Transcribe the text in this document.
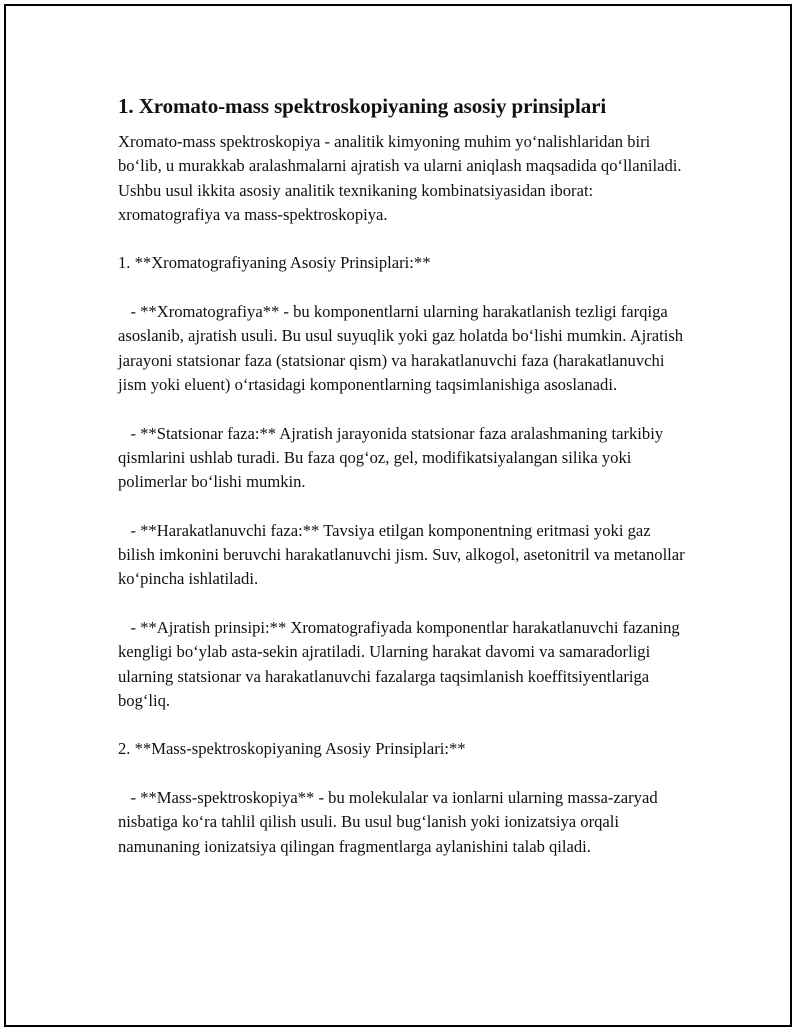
1. Xromato-mass spektroskopiyaning asosiy prinsiplari

Xromato-mass spektroskopiya - analitik kimyoning muhim yo‘nalishlaridan biri bo‘lib, u murakkab aralashmalarni ajratish va ularni aniqlash maqsadida qo‘llaniladi. Ushbu usul ikkita asosiy analitik texnikaning kombinatsiyasidan iborat: xromatografiya va mass-spektroskopiya.

1. **Xromatografiyaning Asosiy Prinsiplari:**

- **Xromatografiya** - bu komponentlarni ularning harakatlanish tezligi farqiga asoslanib, ajratish usuli. Bu usul suyuqlik yoki gaz holatda bo‘lishi mumkin. Ajratish jarayoni statsionar faza (statsionar qism) va harakatlanuvchi faza (harakatlanuvchi jism yoki eluent) o‘rtasidagi komponentlarning taqsimlanishiga asoslanadi.

- **Statsionar faza:** Ajratish jarayonida statsionar faza aralashmaning tarkibiy qismlarini ushlab turadi. Bu faza qog‘oz, gel, modifikatsiyalangan silika yoki polimerlar bo‘lishi mumkin.

- **Harakatlanuvchi faza:** Tavsiya etilgan komponentning eritmasi yoki gaz bilish imkonini beruvchi harakatlanuvchi jism. Suv, alkogol, asetonitril va metanollar ko‘pincha ishlatiladi.

- **Ajratish prinsipi:** Xromatografiyada komponentlar harakatlanuvchi fazaning kengligi bo‘ylab asta-sekin ajratiladi. Ularning harakat davomi va samaradorligi ularning statsionar va harakatlanuvchi fazalarga taqsimlanish koeffitsiyentlariga bog‘liq.

2. **Mass-spektroskopiyaning Asosiy Prinsiplari:**

- **Mass-spektroskopiya** - bu molekulalar va ionlarni ularning massa-zaryad nisbatiga ko‘ra tahlil qilish usuli. Bu usul bug‘lanish yoki ionizatsiya orqali namunaning ionizatsiya qilingan fragmentlarga aylanishini talab qiladi.
